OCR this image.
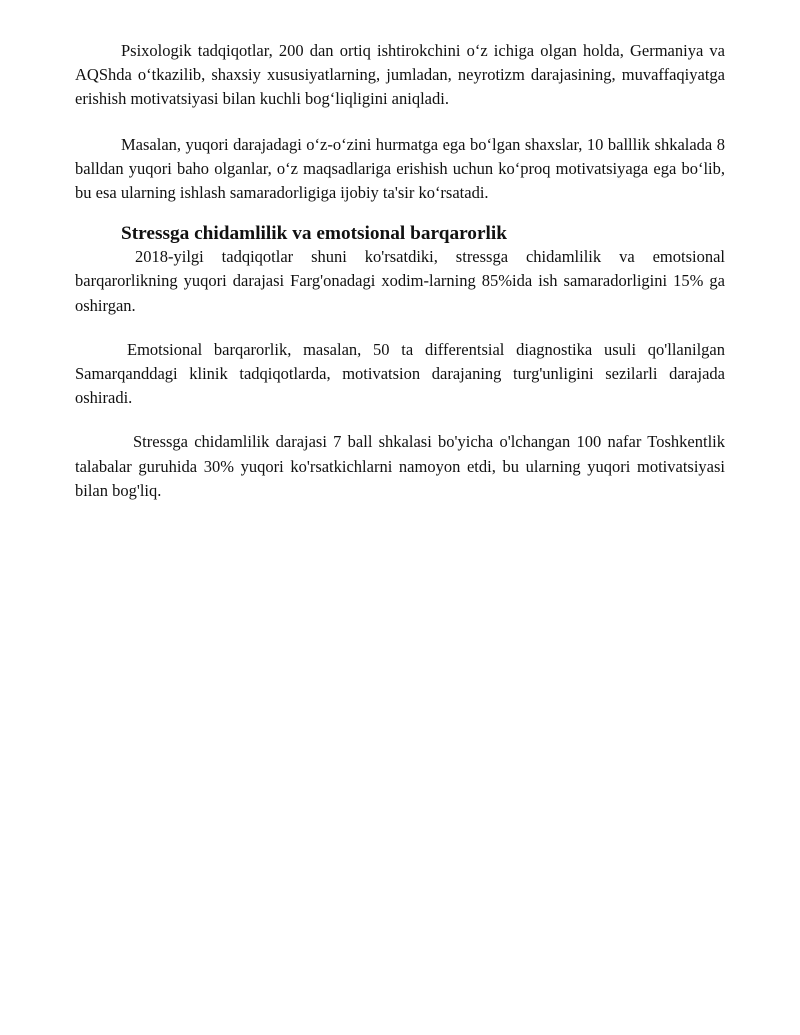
Psixologik tadqiqotlar, 200 dan ortiq ishtirokchini o‘z ichiga olgan holda, Germaniya va AQShda o‘tkazilib, shaxsiy xususiyatlarning, jumladan, neyrotizm darajasining, muvaffaqiyatga erishish motivatsiyasi bilan kuchli bog‘liqligini aniqladi.

Masalan, yuqori darajadagi o‘z-o‘zini hurmatga ega bo‘lgan shaxslar, 10 balllik shkalada 8 balldan yuqori baho olganlar, o‘z maqsadlariga erishish uchun ko‘proq motivatsiyaga ega bo‘lib, bu esa ularning ishlash samaradorligiga ijobiy ta'sir ko‘rsatadi.

Stressga chidamlilik va emotsional barqarorlik

2018-yilgi tadqiqotlar shuni ko'rsatdiki, stressga chidamlilik va emotsional barqarorlikning yuqori darajasi Farg'onadagi xodim-larning 85%ida ish samaradorligini 15% ga oshirgan.

Emotsional barqarorlik, masalan, 50 ta differentsial diagnostika usuli qo'llanilgan Samarqanddagi klinik tadqiqotlarda, motivatsion darajaning turg'unligini sezilarli darajada oshiradi.

Stressga chidamlilik darajasi 7 ball shkalasi bo'yicha o'lchangan 100 nafar Toshkentlik talabalar guruhida 30% yuqori ko'rsatkichlarni namoyon etdi, bu ularning yuqori motivatsiyasi bilan bog'liq.
